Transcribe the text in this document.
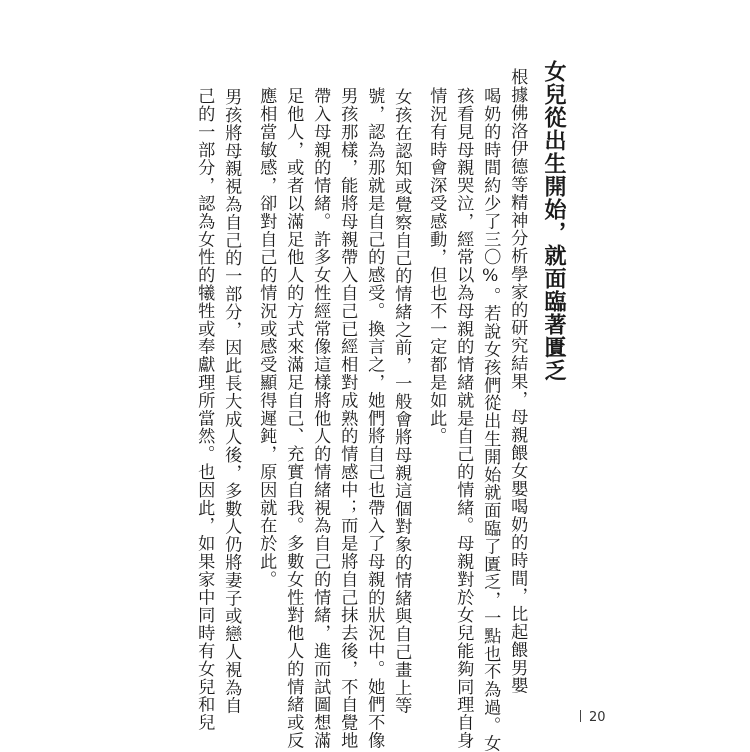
女兒從出生開始，就面臨著匱乏
根據佛洛伊德等精神分析學家的研究結果，母親餵女嬰喝奶的時間，比起餵男嬰
喝奶的時間約少了三〇%。若說女孩們從出生開始就面臨了匱乏，一點也不為過。女
孩看見母親哭泣，經常以為母親的情緒就是自己的情緒。母親對於女兒能夠同理自身
情況有時會深受感動，但也不一定都是如此。
女孩在認知或覺察自己的情緒之前，一般會將母親這個對象的情緒與自己畫上等
號，認為那就是自己的感受。換言之，她們將自己也帶入了母親的狀況中。她們不像
男孩那樣，能將母親帶入自己已經相對成熟的情感中；而是將自己抹去後，不自覺地
帶入母親的情緒。許多女性經常像這樣將他人的情緒視為自己的情緒，進而試圖想滿
足他人，或者以滿足他人的方式來滿足自己、充實自我。多數女性對他人的情緒或反
應相當敏感，卻對自己的情況或感受顯得遲鈍，原因就在於此。
男孩將母親視為自己的一部分，因此長大成人後，多數人仍將妻子或戀人視為自
己的一部分，認為女性的犧牲或奉獻理所當然。也因此，如果家中同時有女兒和兒	20
